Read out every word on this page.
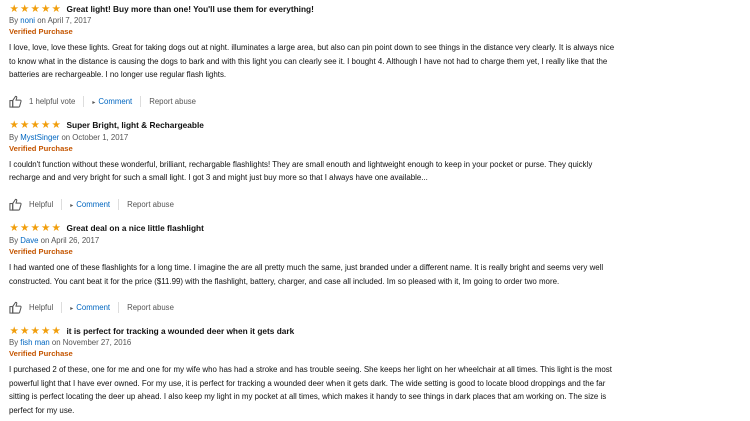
★ ★ ★ ★ ★ Great light! Buy more than one! You'll use them for everything!
By noni on April 7, 2017
Verified Purchase
I love, love, love these lights. Great for taking dogs out at night. illuminates a large area, but also can pin point down to see things in the distance very clearly. It is always nice
to know what in the distance is causing the dogs to bark and with this light you can clearly see it. I bought 4. Although I have not had to charge them yet, I really like that the
batteries are rechargeable. I no longer use regular flash lights.
1 helpful vote	▸ Comment Report abuse
★ ★ ★ ★ ★ Super Bright, light & Rechargeable
By MystSinger on October 1, 2017
Verified Purchase
I couldn't function without these wonderful, brilliant, rechargable flashlights! They are small enouth and lightweight enough to keep in your pocket or purse. They quickly
recharge and and very bright for such a small light. I got 3 and might just buy more so that I always have one available...
Helpful	▸ Comment Report abuse
★ ★ ★ ★ ★ Great deal on a nice little flashlight
By Dave on April 26, 2017
Verified Purchase
I had wanted one of these flashlights for a long time. I imagine the are all pretty much the same, just branded under a different name. It is really bright and seems very well
constructed. You cant beat it for the price ($11.99) with the flashlight, battery, charger, and case all included. Im so pleased with it, Im going to order two more.
Helpful	▸ Comment Report abuse
★ ★ ★ ★ ★ it is perfect for tracking a wounded deer when it gets dark
By fish man on November 27, 2016
Verified Purchase
I purchased 2 of these, one for me and one for my wife who has had a stroke and has trouble seeing. She keeps her light on her wheelchair at all times. This light is the most
powerful light that I have ever owned. For my use, it is perfect for tracking a wounded deer when it gets dark. The wide setting is good to locate blood droppings and the far
sitting is perfect locating the deer up ahead. I also keep my light in my pocket at all times, which makes it handy to see things in dark places that am working on. The size is
perfect for my use.
